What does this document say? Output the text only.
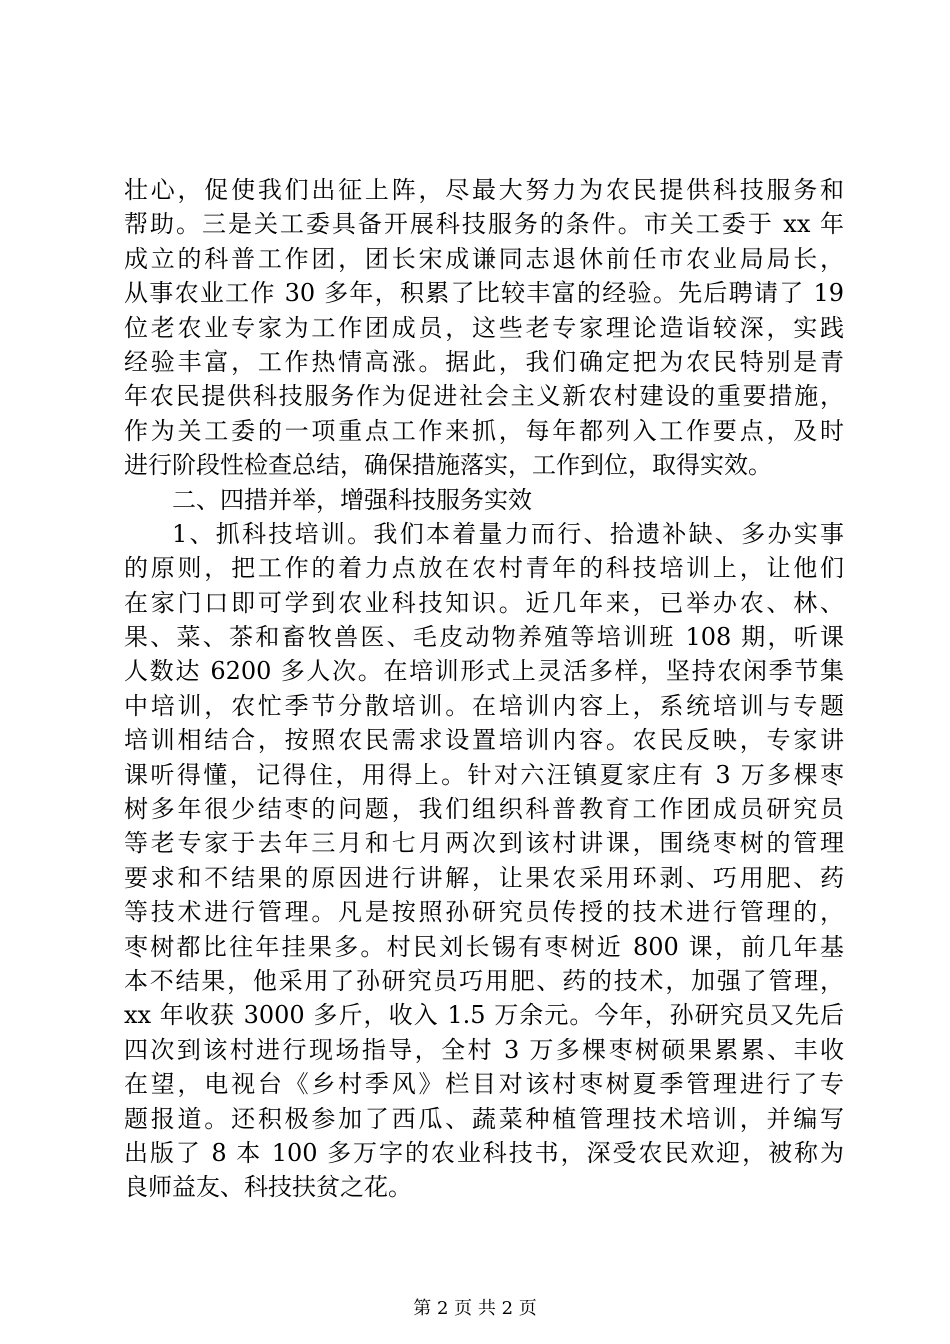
壮心，促使我们出征上阵，尽最大努力为农民提供科技服务和
帮助。三是关工委具备开展科技服务的条件。市关工委于 xx 年
成立的科普工作团，团长宋成谦同志退休前任市农业局局长，
从事农业工作 30 多年，积累了比较丰富的经验。先后聘请了 19
位老农业专家为工作团成员，这些老专家理论造诣较深，实践
经验丰富，工作热情高涨。据此，我们确定把为农民特别是青
年农民提供科技服务作为促进社会主义新农村建设的重要措施，
作为关工委的一项重点工作来抓，每年都列入工作要点，及时
进行阶段性检查总结，确保措施落实，工作到位，取得实效。
二、四措并举，增强科技服务实效
1、抓科技培训。我们本着量力而行、拾遗补缺、多办实事
的原则，把工作的着力点放在农村青年的科技培训上，让他们
在家门口即可学到农业科技知识。近几年来，已举办农、林、
果、菜、茶和畜牧兽医、毛皮动物养殖等培训班 108 期，听课
人数达 6200 多人次。在培训形式上灵活多样，坚持农闲季节集
中培训，农忙季节分散培训。在培训内容上，系统培训与专题
培训相结合，按照农民需求设置培训内容。农民反映，专家讲
课听得懂，记得住，用得上。针对六汪镇夏家庄有 3 万多棵枣
树多年很少结枣的问题，我们组织科普教育工作团成员研究员
等老专家于去年三月和七月两次到该村讲课，围绕枣树的管理
要求和不结果的原因进行讲解，让果农采用环剥、巧用肥、药
等技术进行管理。凡是按照孙研究员传授的技术进行管理的，
枣树都比往年挂果多。村民刘长锡有枣树近 800 课，前几年基
本不结果，他采用了孙研究员巧用肥、药的技术，加强了管理，
xx 年收获 3000 多斤，收入 1.5 万余元。今年，孙研究员又先后
四次到该村进行现场指导，全村 3 万多棵枣树硕果累累、丰收
在望，电视台《乡村季风》栏目对该村枣树夏季管理进行了专
题报道。还积极参加了西瓜、蔬菜种植管理技术培训，并编写
出版了 8 本 100 多万字的农业科技书，深受农民欢迎，被称为
良师益友、科技扶贫之花。
第 2 页 共 2 页
